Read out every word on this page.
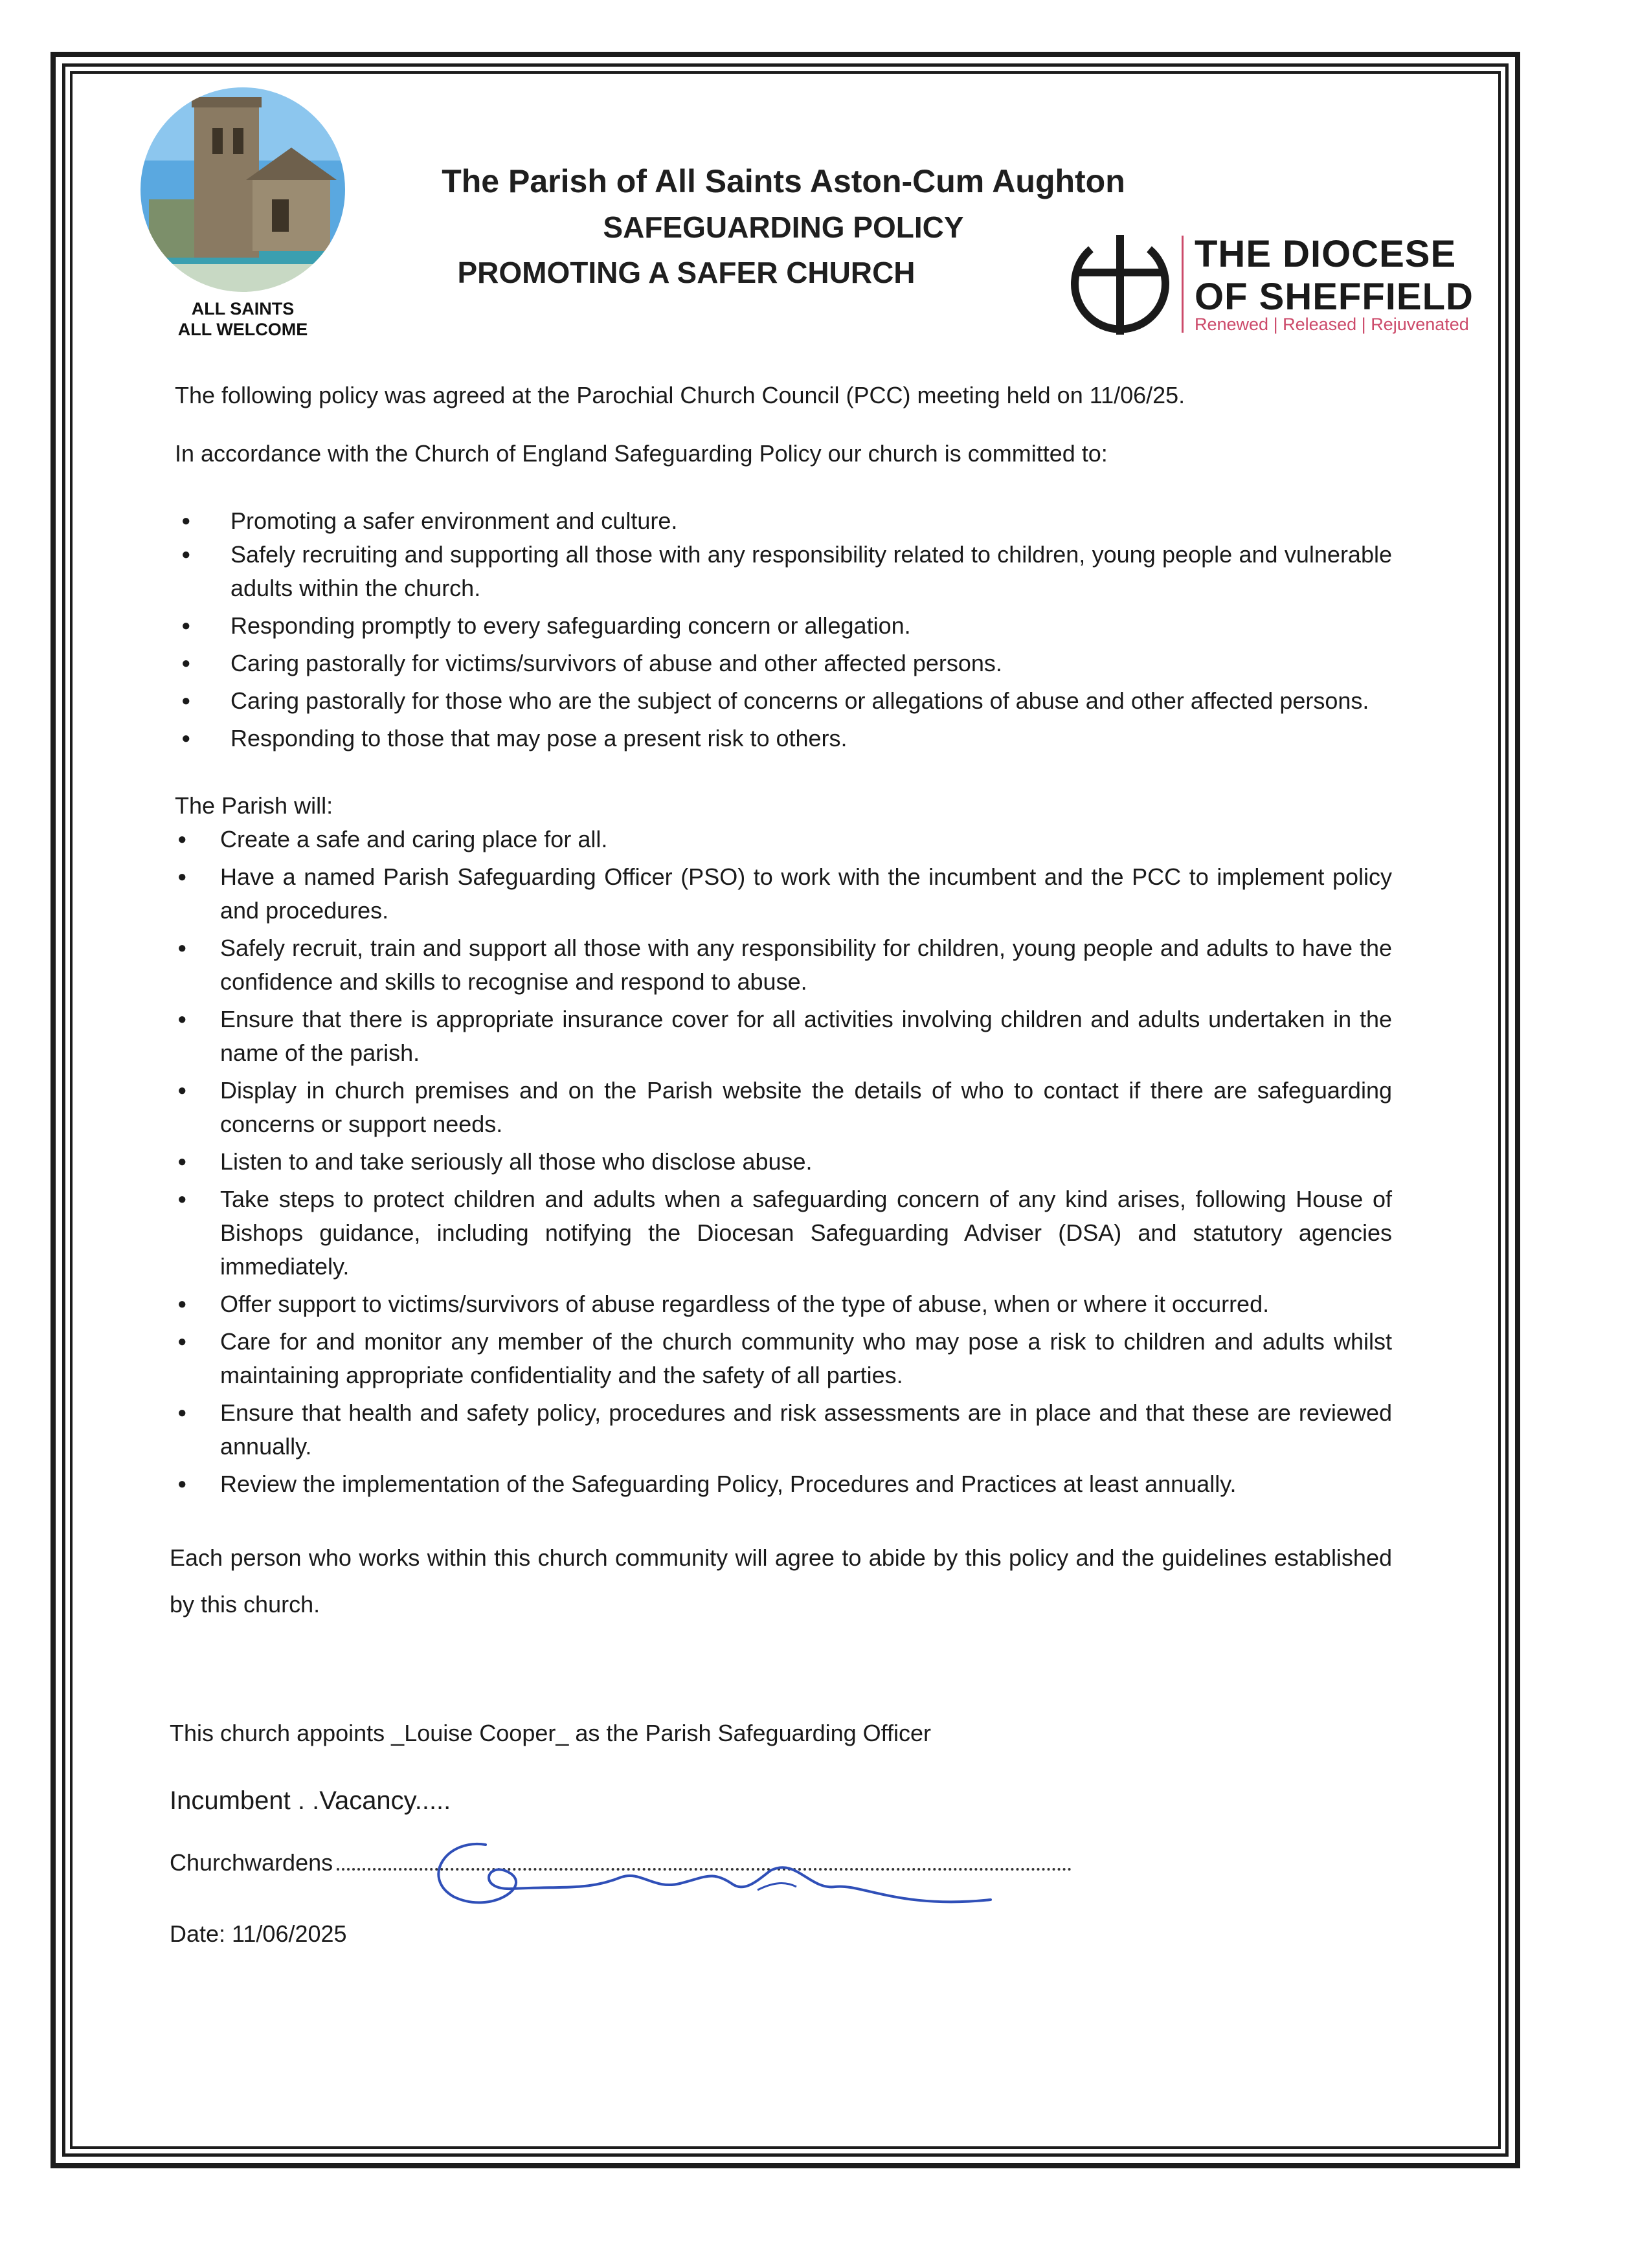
ALL SAINTS
ALL WELCOME
The Parish of All Saints Aston-Cum Aughton
SAFEGUARDING POLICY
PROMOTING A SAFER CHURCH	THE DIOCESE
OF SHEFFIELD
Renewed | Released | Rejuvenated

The following policy was agreed at the Parochial Church Council (PCC) meeting held on 11/06/25.

In accordance with the Church of England Safeguarding Policy our church is committed to:

● Promoting a safer environment and culture.
● Safely recruiting and supporting all those with any responsibility related to children, young people and vulnerable adults within the church.
● Responding promptly to every safeguarding concern or allegation.
● Caring pastorally for victims/survivors of abuse and other affected persons.
● Caring pastorally for those who are the subject of concerns or allegations of abuse and other affected persons.
● Responding to those that may pose a present risk to others.

The Parish will:

● Create a safe and caring place for all.
● Have a named Parish Safeguarding Officer (PSO) to work with the incumbent and the PCC to implement policy and procedures.
● Safely recruit, train and support all those with any responsibility for children, young people and adults to have the confidence and skills to recognise and respond to abuse.
● Ensure that there is appropriate insurance cover for all activities involving children and adults undertaken in the name of the parish.
● Display in church premises and on the Parish website the details of who to contact if there are safeguarding concerns or support needs.
● Listen to and take seriously all those who disclose abuse.
● Take steps to protect children and adults when a safeguarding concern of any kind arises, following House of Bishops guidance, including notifying the Diocesan Safeguarding Adviser (DSA) and statutory agencies immediately.
● Offer support to victims/survivors of abuse regardless of the type of abuse, when or where it occurred.
● Care for and monitor any member of the church community who may pose a risk to children and adults whilst maintaining appropriate confidentiality and the safety of all parties.
● Ensure that health and safety policy, procedures and risk assessments are in place and that these are reviewed annually.
● Review the implementation of the Safeguarding Policy, Procedures and Practices at least annually.

Each person who works within this church community will agree to abide by this policy and the guidelines established by this church.

This church appoints _Louise Cooper_ as the Parish Safeguarding Officer
Incumbent . .Vacancy.....
Churchwardens
Date: 11/06/2025
